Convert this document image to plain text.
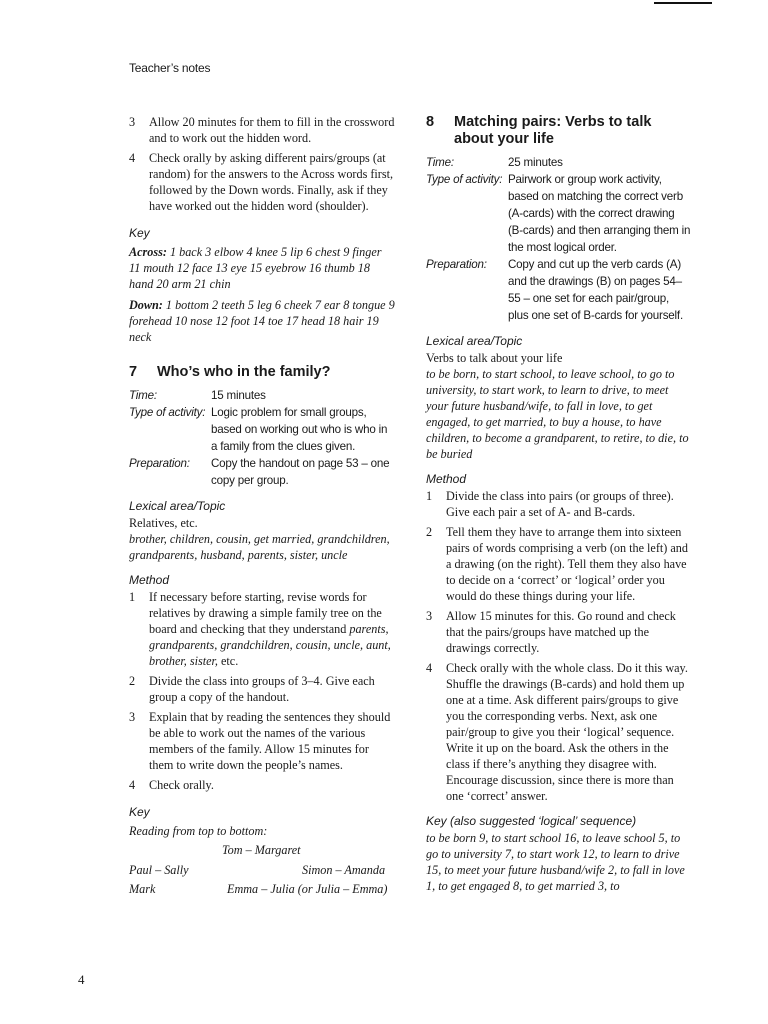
Teacher’s notes
3	Allow 20 minutes for them to fill in the crossword and to work out the hidden word.
4	Check orally by asking different pairs/groups (at random) for the answers to the Across words first, followed by the Down words. Finally, ask if they have worked out the hidden word (shoulder).
Key
Across: 1 back 3 elbow 4 knee 5 lip 6 chest 9 finger 11 mouth 12 face 13 eye 15 eyebrow 16 thumb 18 hand 20 arm 21 chin
Down: 1 bottom 2 teeth 5 leg 6 cheek 7 ear 8 tongue 9 forehead 10 nose 12 foot 14 toe 17 head 18 hair 19 neck
7	Who’s who in the family?
Time:	15 minutes
Type of activity: Logic problem for small groups, based on working out who is who in a family from the clues given.
Preparation:	Copy the handout on page 53 – one copy per group.
Lexical area/Topic
Relatives, etc.
brother, children, cousin, get married, grandchildren, grandparents, husband, parents, sister, uncle
Method
1	If necessary before starting, revise words for relatives by drawing a simple family tree on the board and checking that they understand parents, grandparents, grandchildren, cousin, uncle, aunt, brother, sister, etc.
2	Divide the class into groups of 3–4. Give each group a copy of the handout.
3	Explain that by reading the sentences they should be able to work out the names of the various members of the family. Allow 15 minutes for them to write down the people’s names.
4	Check orally.
Key
Reading from top to bottom:
Tom – Margaret
Paul – Sally	Simon – Amanda
Mark	Emma – Julia (or Julia – Emma)
8	Matching pairs: Verbs to talk about your life
Time:	25 minutes
Type of activity: Pairwork or group work activity, based on matching the correct verb (A-cards) with the correct drawing (B-cards) and then arranging them in the most logical order.
Preparation:	Copy and cut up the verb cards (A) and the drawings (B) on pages 54–55 – one set for each pair/group, plus one set of B-cards for yourself.
Lexical area/Topic
Verbs to talk about your life
to be born, to start school, to leave school, to go to university, to start work, to learn to drive, to meet your future husband/wife, to fall in love, to get engaged, to get married, to buy a house, to have children, to become a grandparent, to retire, to die, to be buried
Method
1	Divide the class into pairs (or groups of three). Give each pair a set of A- and B-cards.
2	Tell them they have to arrange them into sixteen pairs of words comprising a verb (on the left) and a drawing (on the right). Tell them they also have to decide on a ‘correct’ or ‘logical’ order you would do these things during your life.
3	Allow 15 minutes for this. Go round and check that the pairs/groups have matched up the drawings correctly.
4	Check orally with the whole class. Do it this way. Shuffle the drawings (B-cards) and hold them up one at a time. Ask different pairs/groups to give you the corresponding verbs. Next, ask one pair/group to give you their ‘logical’ sequence. Write it up on the board. Ask the others in the class if there’s anything they disagree with. Encourage discussion, since there is more than one ‘correct’ answer.
Key (also suggested ‘logical’ sequence)
to be born 9, to start school 16, to leave school 5, to go to university 7, to start work 12, to learn to drive 15, to meet your future husband/wife 2, to fall in love 1, to get engaged 8, to get married 3, to
4
